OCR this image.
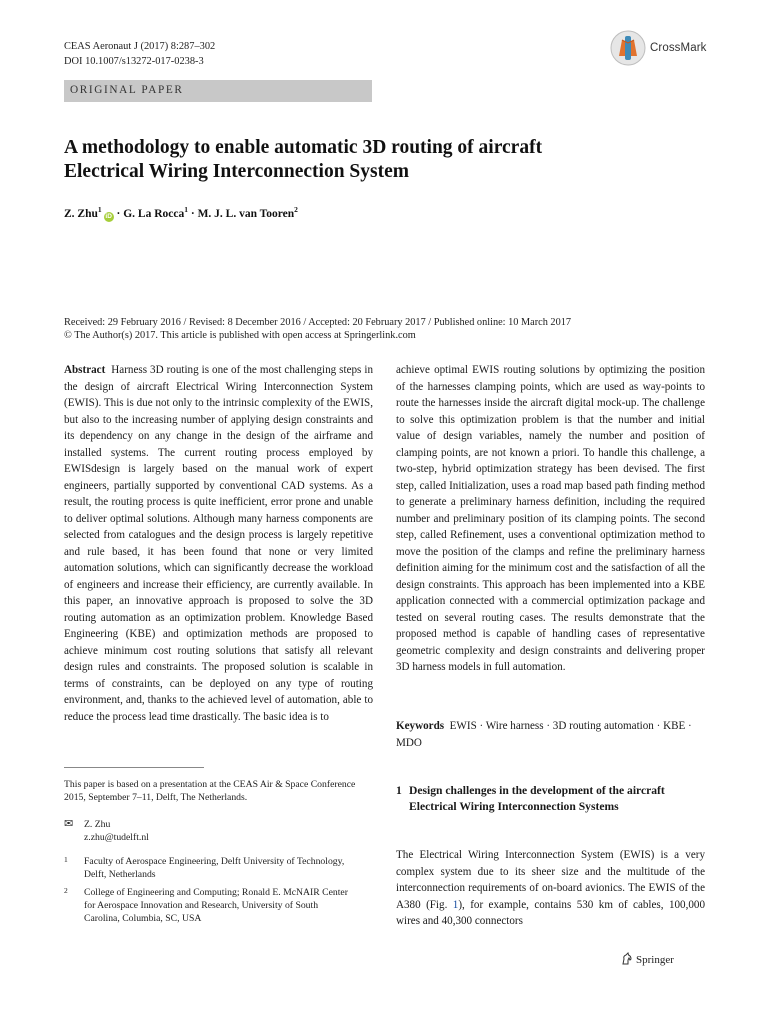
CEAS Aeronaut J (2017) 8:287–302
DOI 10.1007/s13272-017-0238-3
CrossMark
ORIGINAL PAPER
A methodology to enable automatic 3D routing of aircraft
Electrical Wiring Interconnection System
Z. Zhu$^1$iD · G. La Rocca$^1$ · M. J. L. van Tooren$^2$
Received: 29 February 2016 / Revised: 8 December 2016 / Accepted: 20 February 2017 / Published online: 10 March 2017
© The Author(s) 2017. This article is published with open access at Springerlink.com
Abstract Harness 3D routing is one of the most challenging steps in the design of aircraft Electrical Wiring Interconnection System (EWIS). This is due not only to the intrinsic complexity of the EWIS, but also to the increasing number of applying design constraints and its dependency on any change in the design of the airframe and installed systems. The current routing process employed by EWISdesign is largely based on the manual work of expert engineers, partially supported by conventional CAD systems. As a result, the routing process is quite inefficient, error prone and unable to deliver optimal solutions. Although many harness components are selected from catalogues and the design process is largely repetitive and rule based, it has been found that none or very limited automation solutions, which can significantly decrease the workload of engineers and increase their efficiency, are currently available. In this paper, an innovative approach is proposed to solve the 3D routing automation as an optimization problem. Knowledge Based Engineering (KBE) and optimization methods are proposed to achieve minimum cost routing solutions that satisfy all relevant design rules and constraints. The proposed solution is scalable in terms of constraints, can be deployed on any type of routing environment, and, thanks to the achieved level of automation, able to reduce the process lead time drastically. The basic idea is to
achieve optimal EWIS routing solutions by optimizing the position of the harnesses clamping points, which are used as way-points to route the harnesses inside the aircraft digital mock-up. The challenge to solve this optimization problem is that the number and initial value of design variables, namely the number and position of clamping points, are not known a priori. To handle this challenge, a two-step, hybrid optimization strategy has been devised. The first step, called Initialization, uses a road map based path finding method to generate a preliminary harness definition, including the required number and preliminary position of its clamping points. The second step, called Refinement, uses a conventional optimization method to move the position of the clamps and refine the preliminary harness definition aiming for the minimum cost and the satisfaction of all the design constraints. This approach has been implemented into a KBE application connected with a commercial optimization package and tested on several routing cases. The results demonstrate that the proposed method is capable of handling cases of representative geometric complexity and design constraints and delivering proper 3D harness models in full automation.
Keywords EWIS · Wire harness · 3D routing automation · KBE · MDO
This paper is based on a presentation at the CEAS Air & Space Conference 2015, September 7–11, Delft, The Netherlands.
✉ Z. Zhu
z.zhu@tudelft.nl
1 Faculty of Aerospace Engineering, Delft University of Technology, Delft, Netherlands
2 College of Engineering and Computing; Ronald E. McNAIR Center for Aerospace Innovation and Research, University of South Carolina, Columbia, SC, USA
1 Design challenges in the development of the aircraft Electrical Wiring Interconnection Systems
The Electrical Wiring Interconnection System (EWIS) is a very complex system due to its sheer size and the multitude of the interconnection requirements of on-board avionics. The EWIS of the A380 (Fig. 1), for example, contains 530 km of cables, 100,000 wires and 40,300 connectors
Springer
